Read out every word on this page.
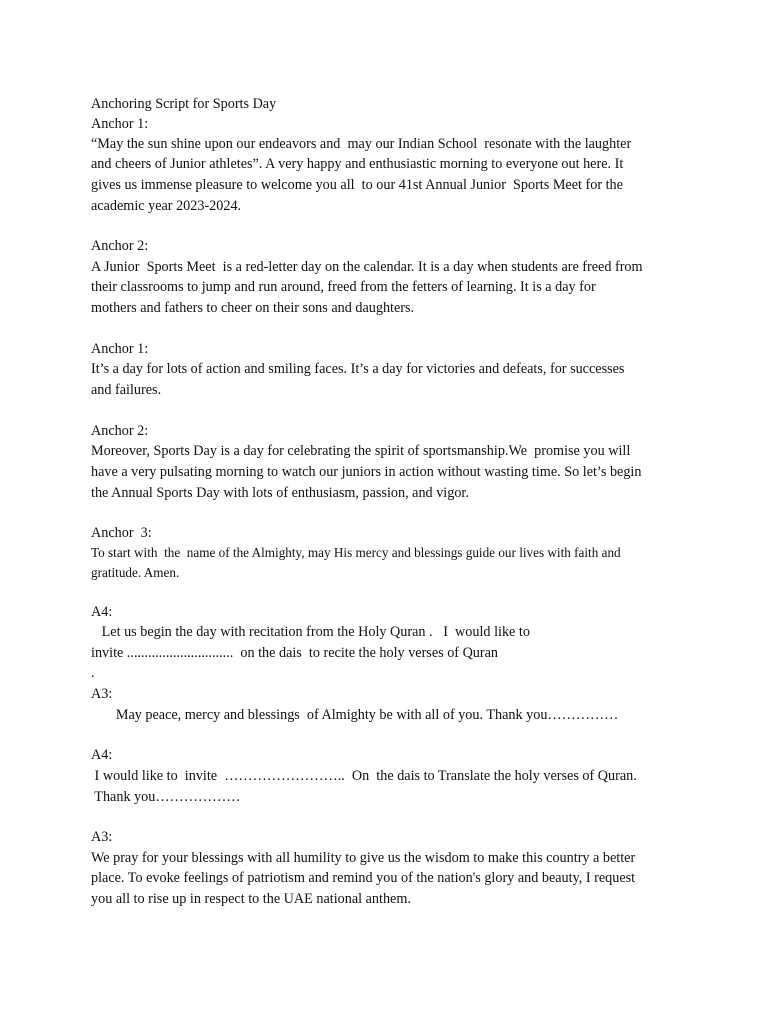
Anchoring Script for Sports Day
Anchor 1:
“May the sun shine upon our endeavors and  may our Indian School  resonate with the laughter
and cheers of Junior athletes”. A very happy and enthusiastic morning to everyone out here. It
gives us immense pleasure to welcome you all  to our 41st Annual Junior  Sports Meet for the
academic year 2023-2024.
Anchor 2:
A Junior  Sports Meet  is a red-letter day on the calendar. It is a day when students are freed from
their classrooms to jump and run around, freed from the fetters of learning. It is a day for
mothers and fathers to cheer on their sons and daughters.
Anchor 1:
It’s a day for lots of action and smiling faces. It’s a day for victories and defeats, for successes
and failures.
Anchor 2:
Moreover, Sports Day is a day for celebrating the spirit of sportsmanship.We  promise you will
have a very pulsating morning to watch our juniors in action without wasting time. So let’s begin
the Annual Sports Day with lots of enthusiasm, passion, and vigor.
Anchor  3:
To start with  the  name of the Almighty, may His mercy and blessings guide our lives with faith and
gratitude. Amen.
A4:
Let us begin the day with recitation from the Holy Quran .   I  would like to
invite ..............................  on the dais  to recite the holy verses of Quran
.
A3:
May peace, mercy and blessings  of Almighty be with all of you. Thank you……………
A4:
I would like to  invite  ……………………..  On  the dais to Translate the holy verses of Quran.
Thank you………………
A3:
We pray for your blessings with all humility to give us the wisdom to make this country a better
place. To evoke feelings of patriotism and remind you of the nation's glory and beauty, I request
you all to rise up in respect to the UAE national anthem.
